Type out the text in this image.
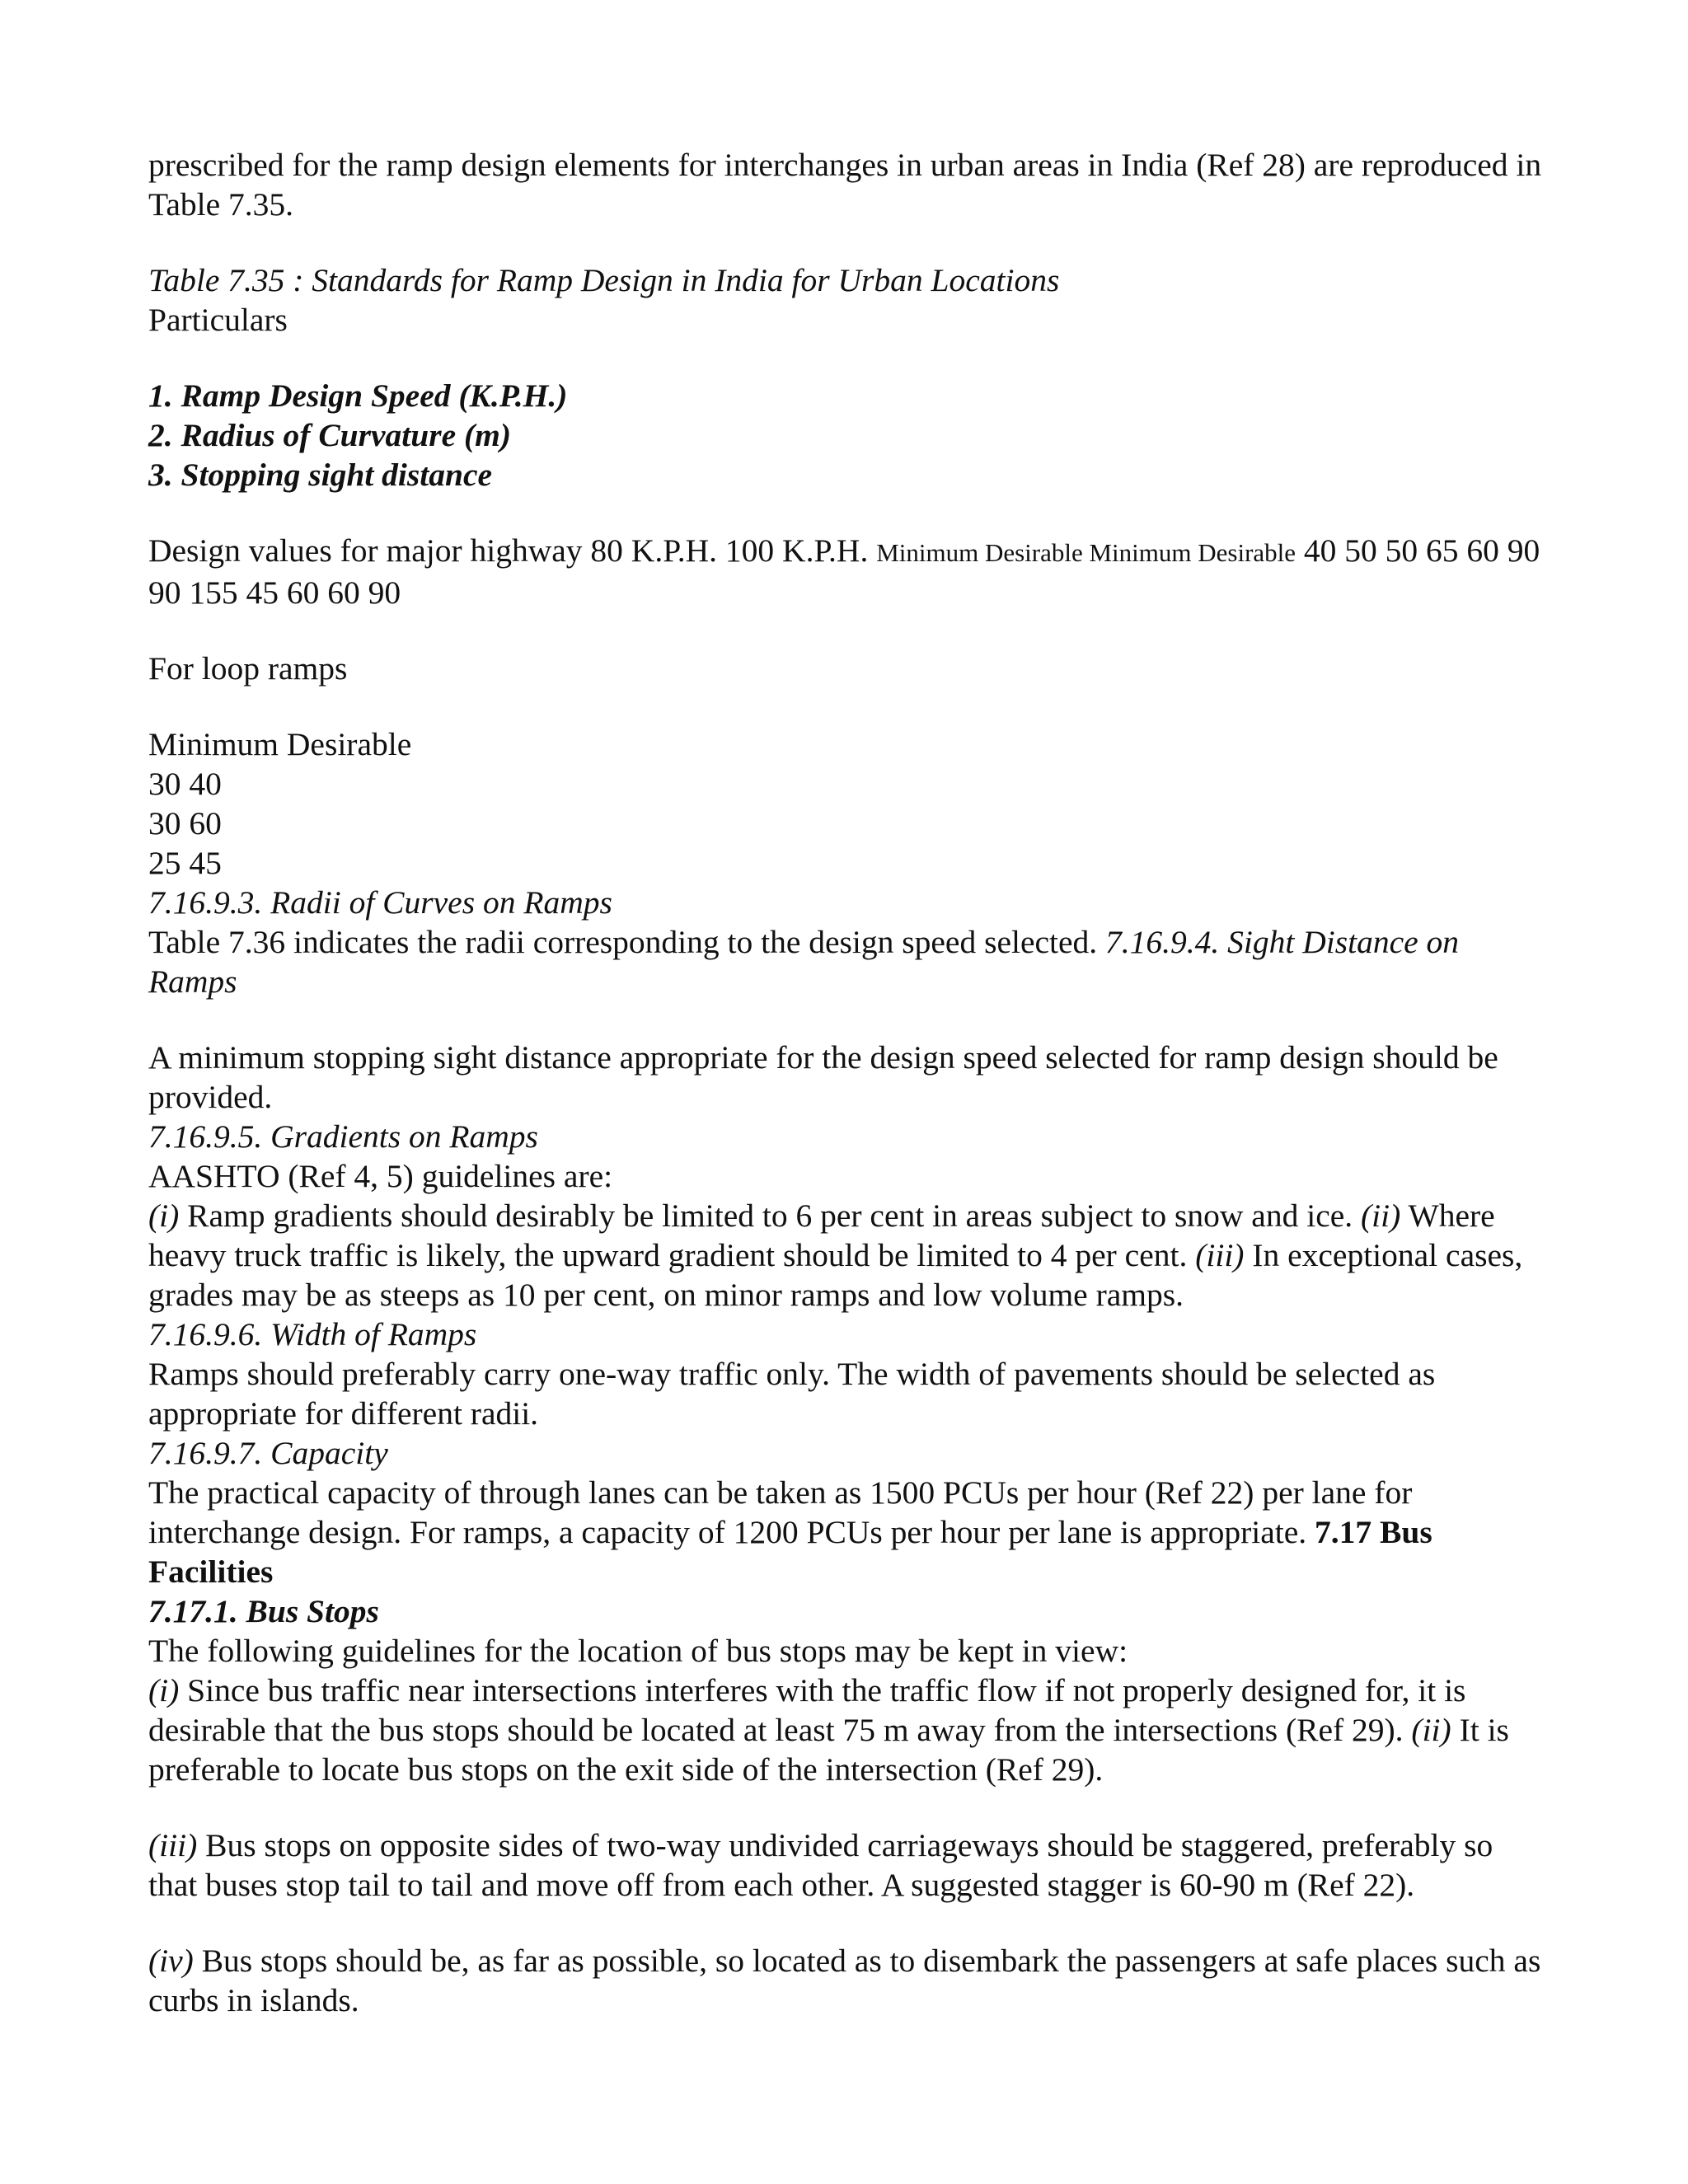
prescribed for the ramp design elements for interchanges in urban areas in India (Ref 28) are reproduced in Table 7.35.

Table 7.35 : Standards for Ramp Design in India for Urban Locations

Particulars

1. Ramp Design Speed (K.P.H.)

2. Radius of Curvature (m)

3. Stopping sight distance

Design values for major highway 80 K.P.H. 100 K.P.H. Minimum Desirable Minimum Desirable 40 50 50 65 60 90 90 155 45 60 60 90

For loop ramps

Minimum Desirable

30 40

30 60

25 45

7.16.9.3. Radii of Curves on Ramps

Table 7.36 indicates the radii corresponding to the design speed selected. 7.16.9.4. Sight Distance on Ramps

A minimum stopping sight distance appropriate for the design speed selected for ramp design should be provided.

7.16.9.5. Gradients on Ramps

AASHTO (Ref 4, 5) guidelines are:

(i) Ramp gradients should desirably be limited to 6 per cent in areas subject to snow and ice. (ii) Where heavy truck traffic is likely, the upward gradient should be limited to 4 per cent. (iii) In exceptional cases, grades may be as steeps as 10 per cent, on minor ramps and low volume ramps.

7.16.9.6. Width of Ramps

Ramps should preferably carry one-way traffic only. The width of pavements should be selected as appropriate for different radii.

7.16.9.7. Capacity

The practical capacity of through lanes can be taken as 1500 PCUs per hour (Ref 22) per lane for interchange design. For ramps, a capacity of 1200 PCUs per hour per lane is appropriate. 7.17 Bus Facilities

7.17.1. Bus Stops

The following guidelines for the location of bus stops may be kept in view:

(i) Since bus traffic near intersections interferes with the traffic flow if not properly designed for, it is desirable that the bus stops should be located at least 75 m away from the intersections (Ref 29). (ii) It is preferable to locate bus stops on the exit side of the intersection (Ref 29).

(iii) Bus stops on opposite sides of two-way undivided carriageways should be staggered, preferably so that buses stop tail to tail and move off from each other. A suggested stagger is 60-90 m (Ref 22).

(iv) Bus stops should be, as far as possible, so located as to disembark the passengers at safe places such as curbs in islands.
